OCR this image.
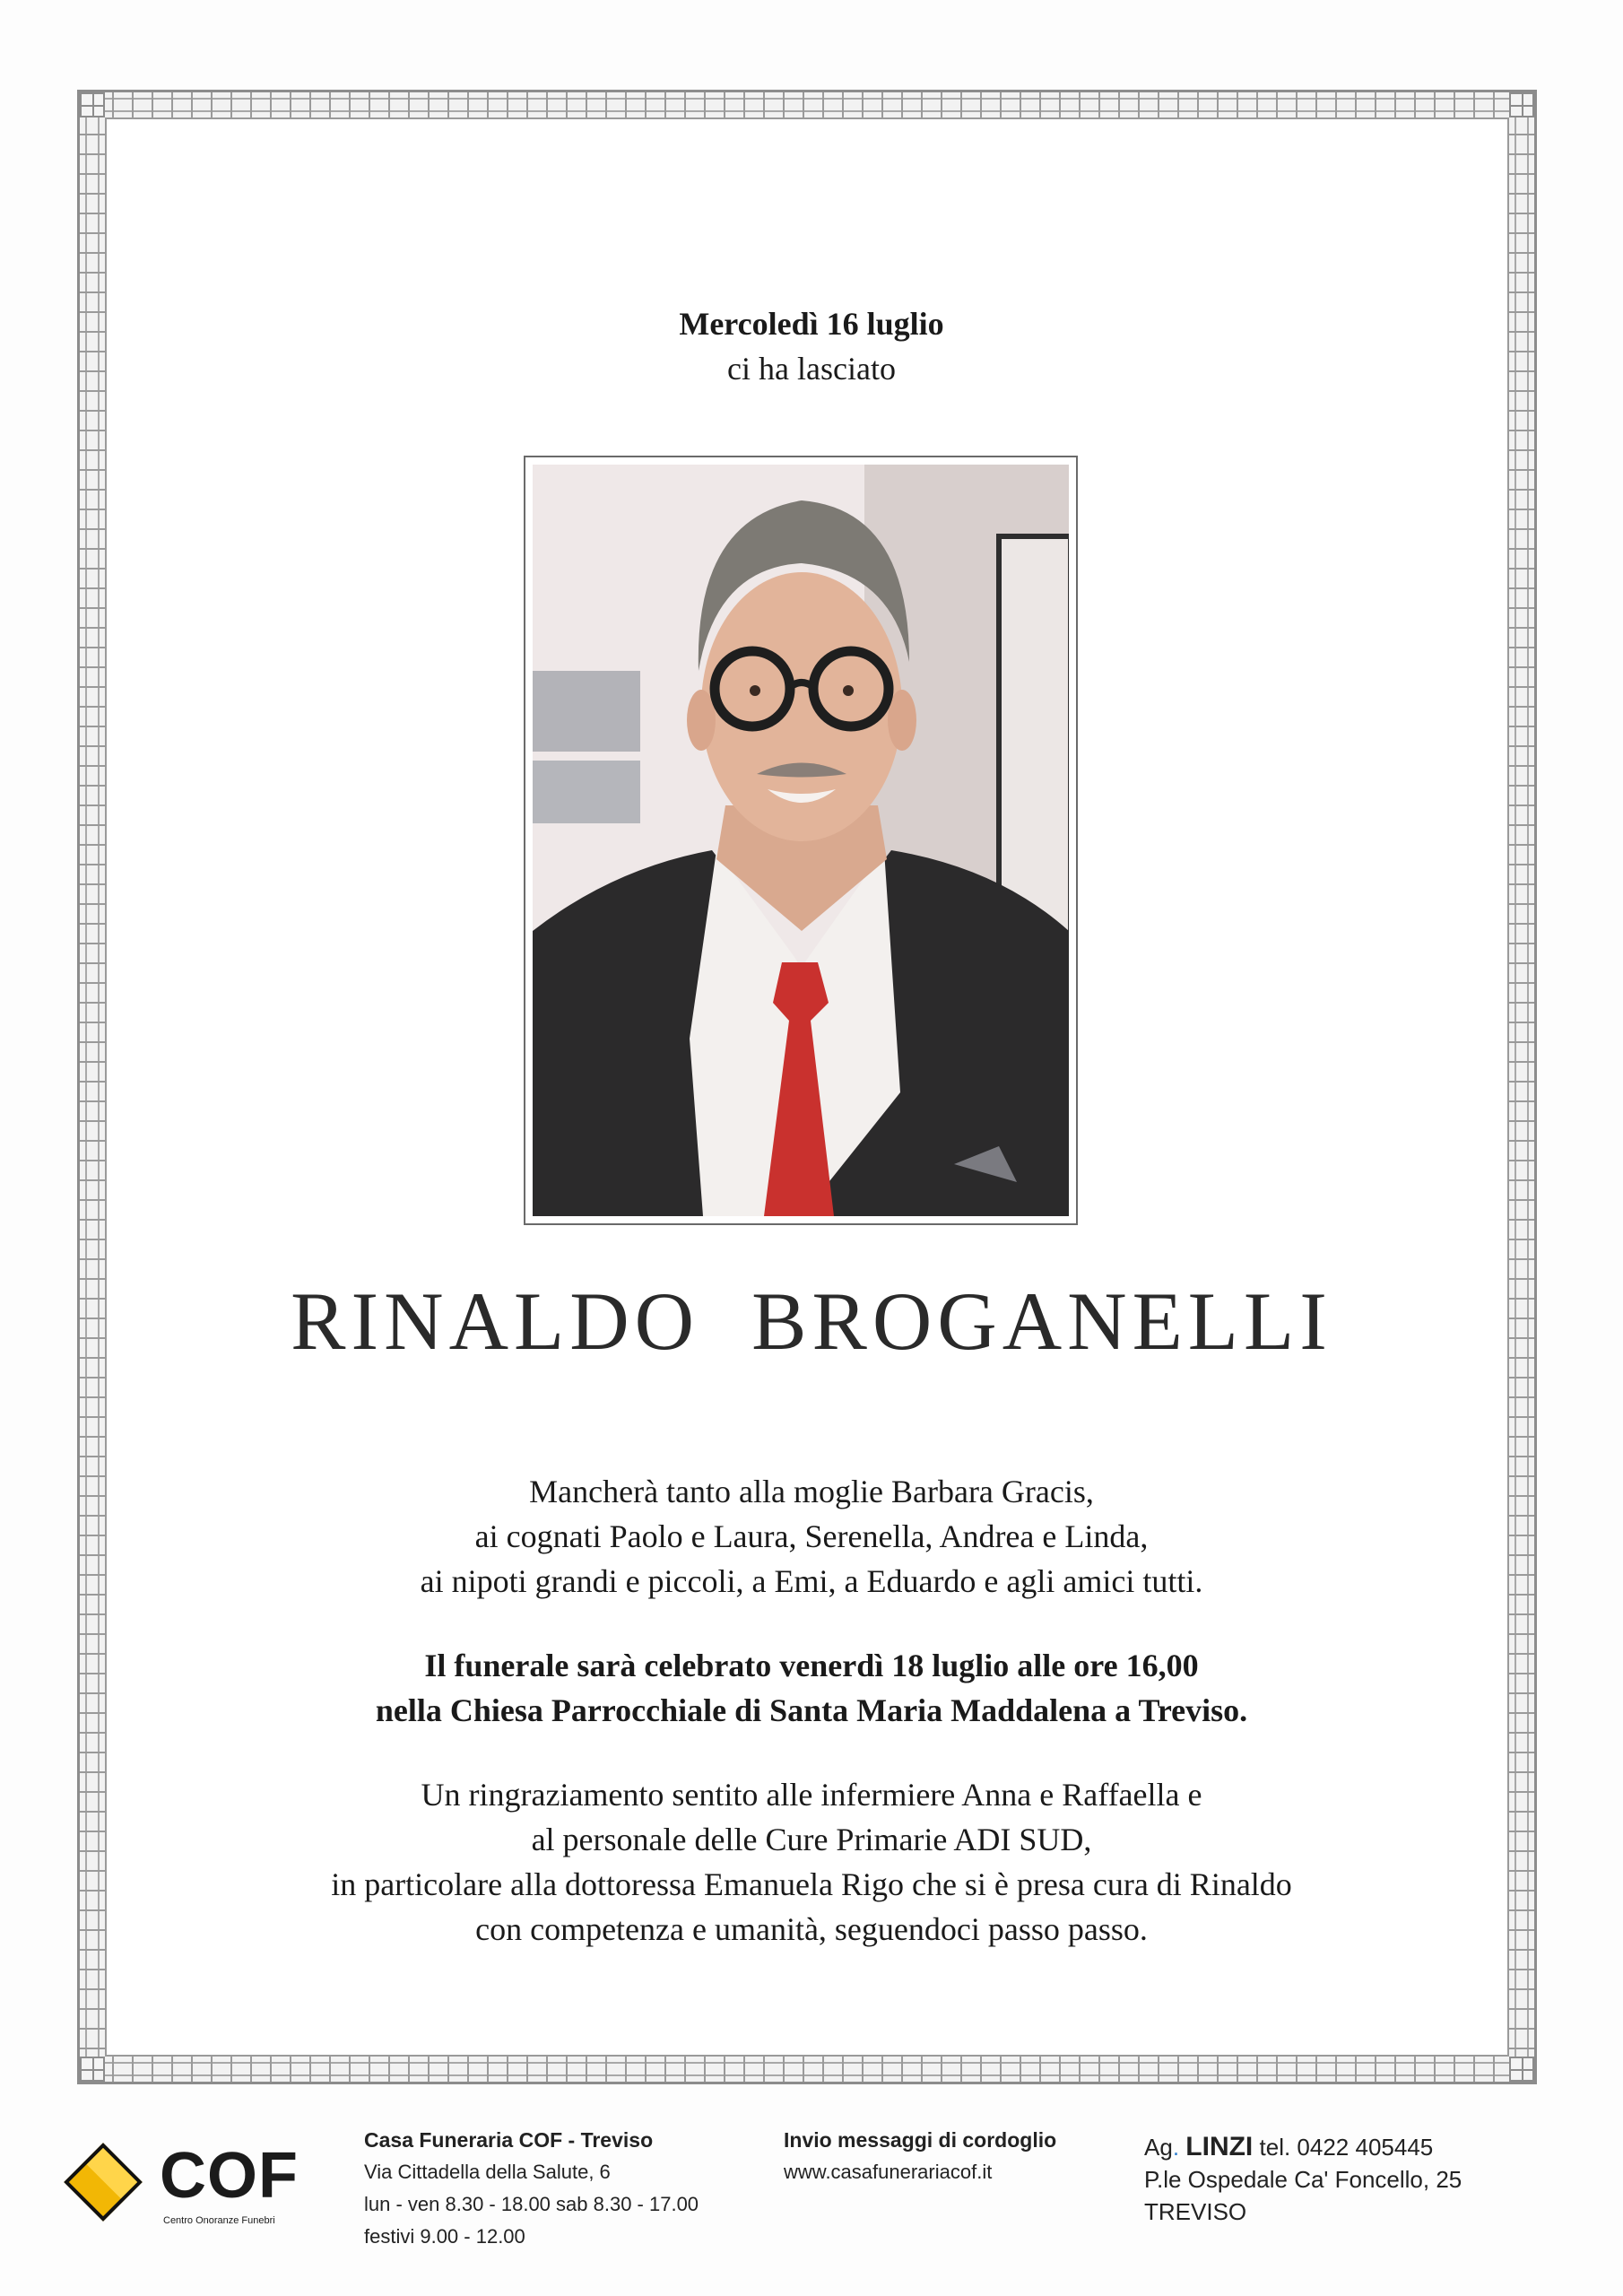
Mercoledì 16 luglio
ci ha lasciato
RINALDO  BROGANELLI
Mancherà tanto alla moglie Barbara Gracis,
ai cognati Paolo e Laura, Serenella, Andrea e Linda,
ai nipoti grandi e piccoli, a Emi, a Eduardo e agli amici tutti.
Il funerale sarà celebrato venerdì 18 luglio alle ore 16,00
nella Chiesa Parrocchiale di Santa Maria Maddalena a Treviso.
Un ringraziamento sentito alle infermiere Anna e Raffaella e
al personale delle Cure Primarie ADI SUD,
in particolare alla dottoressa Emanuela Rigo che si è presa cura di Rinaldo
con competenza e umanità, seguendoci passo passo.
COF
Centro Onoranze Funebri
Casa Funeraria COF - Treviso
Via Cittadella della Salute, 6
lun - ven 8.30 - 18.00 sab 8.30 - 17.00
festivi 9.00 - 12.00
Invio messaggi di cordoglio
www.casafunerariacof.it
Ag. LINZI tel. 0422 405445
P.le Ospedale Ca' Foncello, 25
TREVISO
